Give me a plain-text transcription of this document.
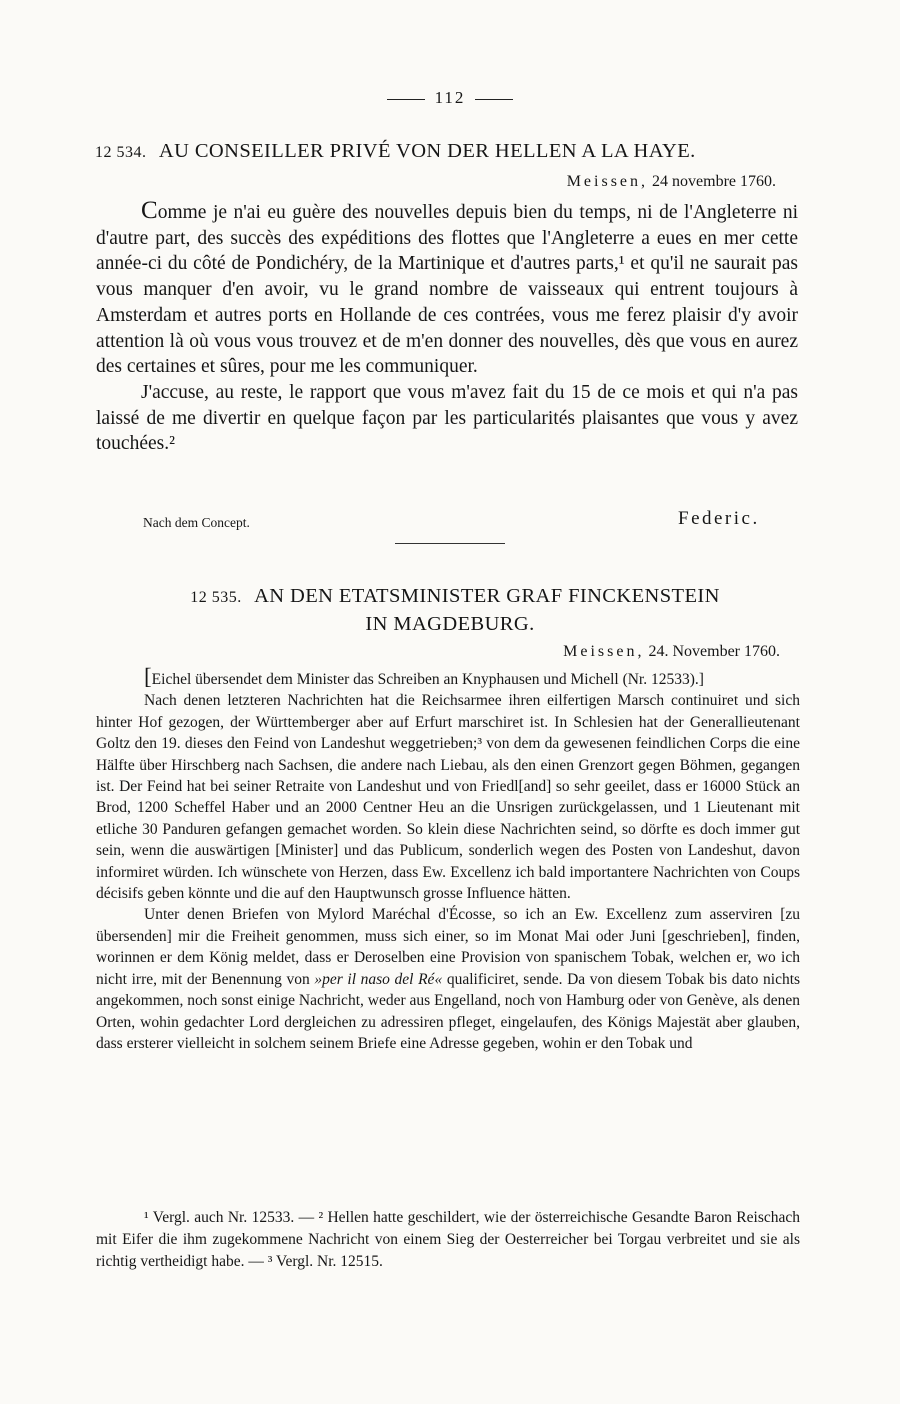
112
12 534. AU CONSEILLER PRIVÉ VON DER HELLEN A LA HAYE.
Meissen, 24 novembre 1760.

Comme je n'ai eu guère des nouvelles depuis bien du temps, ni de l'Angleterre ni d'autre part, des succès des expéditions des flottes que l'Angleterre a eues en mer cette année-ci du côté de Pondichéry, de la Martinique et d'autres parts,¹ et qu'il ne saurait pas vous manquer d'en avoir, vu le grand nombre de vaisseaux qui entrent toujours à Amsterdam et autres ports en Hollande de ces contrées, vous me ferez plaisir d'y avoir attention là où vous vous trouvez et de m'en donner des nouvelles, dès que vous en aurez des certaines et sûres, pour me les communiquer.

J'accuse, au reste, le rapport que vous m'avez fait du 15 de ce mois et qui n'a pas laissé de me divertir en quelque façon par les particularités plaisantes que vous y avez touchées.²

Nach dem Concept.	Federic.
12 535. AN DEN ETATSMINISTER GRAF FINCKENSTEIN
IN MAGDEBURG.
Meissen, 24. November 1760.

[Eichel übersendet dem Minister das Schreiben an Knyphausen und Michell (Nr. 12533).]

Nach denen letzteren Nachrichten hat die Reichsarmee ihren eilfertigen Marsch continuiret und sich hinter Hof gezogen, der Württemberger aber auf Erfurt marschiret ist. In Schlesien hat der Generallieutenant Goltz den 19. dieses den Feind von Landeshut weggetrieben;³ von dem da gewesenen feindlichen Corps die eine Hälfte über Hirschberg nach Sachsen, die andere nach Liebau, als den einen Grenzort gegen Böhmen, gegangen ist. Der Feind hat bei seiner Retraite von Landeshut und von Friedl[and] so sehr geeilet, dass er 16000 Stück an Brod, 1200 Scheffel Haber und an 2000 Centner Heu an die Unsrigen zurückgelassen, und 1 Lieutenant mit etliche 30 Panduren gefangen gemachet worden. So klein diese Nachrichten seind, so dörfte es doch immer gut sein, wenn die auswärtigen [Minister] und das Publicum, sonderlich wegen des Posten von Landeshut, davon informiret würden. Ich wünschete von Herzen, dass Ew. Excellenz ich bald importantere Nachrichten von Coups décisifs geben könnte und die auf den Hauptwunsch grosse Influence hätten.

Unter denen Briefen von Mylord Maréchal d'Écosse, so ich an Ew. Excellenz zum asserviren [zu übersenden] mir die Freiheit genommen, muss sich einer, so im Monat Mai oder Juni [geschrieben], finden, worinnen er dem König meldet, dass er Deroselben eine Provision von spanischem Tobak, welchen er, wo ich nicht irre, mit der Benennung von »per il naso del Ré« qualificiret, sende. Da von diesem Tobak bis dato nichts angekommen, noch sonst einige Nachricht, weder aus Engelland, noch von Hamburg oder von Genève, als denen Orten, wohin gedachter Lord dergleichen zu adressiren pfleget, eingelaufen, des Königs Majestät aber glauben, dass ersterer vielleicht in solchem seinem Briefe eine Adresse gegeben, wohin er den Tobak und

¹ Vergl. auch Nr. 12533. — ² Hellen hatte geschildert, wie der österreichische Gesandte Baron Reischach mit Eifer die ihm zugekommene Nachricht von einem Sieg der Oesterreicher bei Torgau verbreitet und sie als richtig vertheidigt habe. — ³ Vergl. Nr. 12515.
